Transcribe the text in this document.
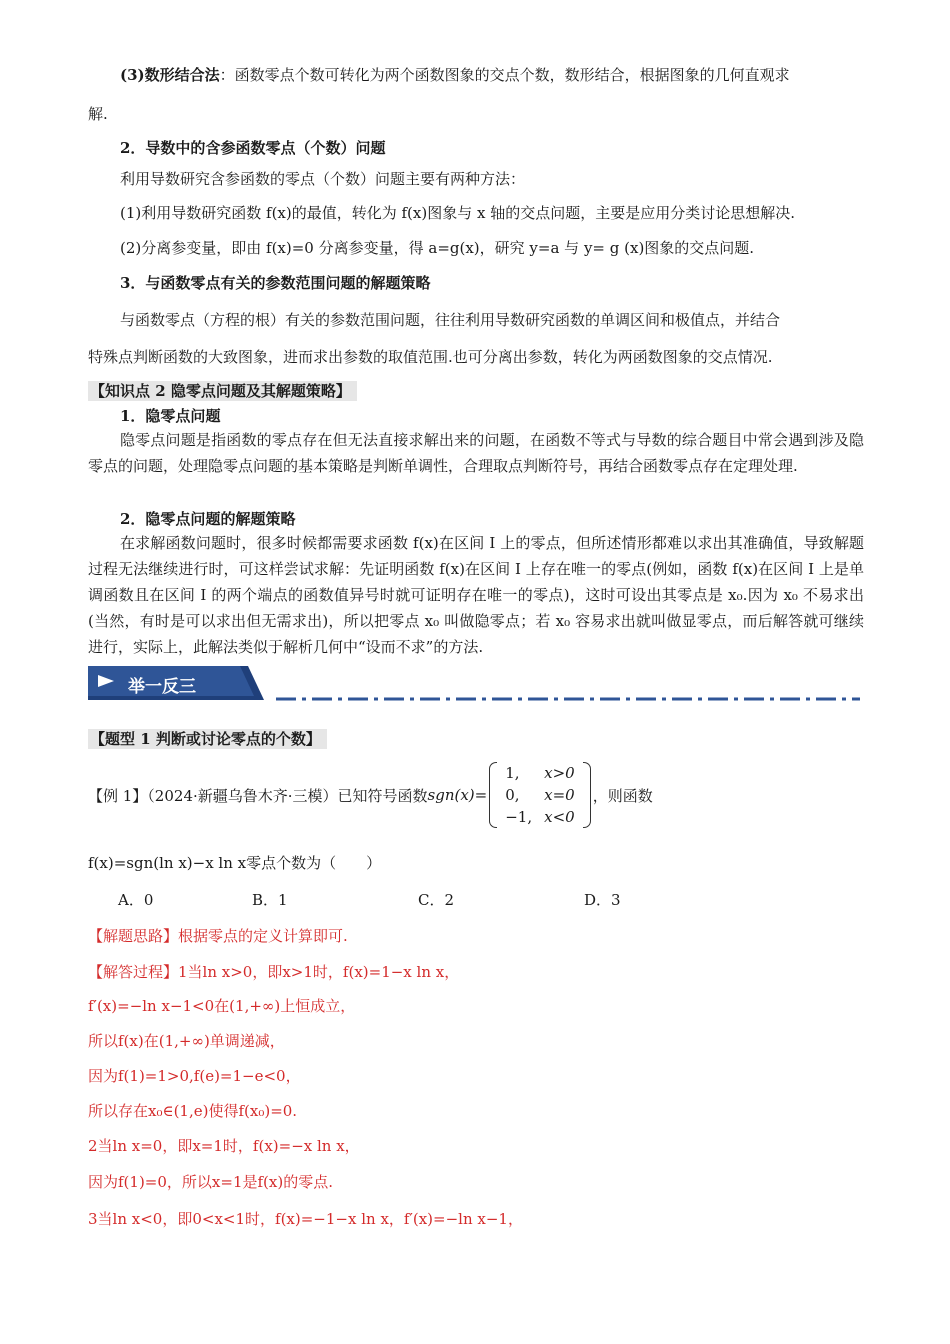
(3)数形结合法：函数零点个数可转化为两个函数图象的交点个数，数形结合，根据图象的几何直观求
解.
2．导数中的含参函数零点（个数）问题
利用导数研究含参函数的零点（个数）问题主要有两种方法：
(1)利用导数研究函数 f(x)的最值，转化为 f(x)图象与 x 轴的交点问题，主要是应用分类讨论思想解决.
(2)分离参变量，即由 f(x)=0 分离参变量，得 a=g(x)，研究 y=a 与 y= g (x)图象的交点问题.
3．与函数零点有关的参数范围问题的解题策略
与函数零点（方程的根）有关的参数范围问题，往往利用导数研究函数的单调区间和极值点，并结合
特殊点判断函数的大致图象，进而求出参数的取值范围.也可分离出参数，转化为两函数图象的交点情况.
【知识点 2 隐零点问题及其解题策略】
1．隐零点问题
隐零点问题是指函数的零点存在但无法直接求解出来的问题，在函数不等式与导数的综合题目中常会遇到涉及隐零点的问题，处理隐零点问题的基本策略是判断单调性，合理取点判断符号，再结合函数零点存在定理处理.
2．隐零点问题的解题策略
在求解函数问题时，很多时候都需要求函数 f(x)在区间 I 上的零点，但所述情形都难以求出其准确值，导致解题过程无法继续进行时，可这样尝试求解：先证明函数 f(x)在区间 I 上存在唯一的零点(例如，函数 f(x)在区间 I 上是单调函数且在区间 I 的两个端点的函数值异号时就可证明存在唯一的零点)，这时可设出其零点是 x₀.因为 x₀ 不易求出(当然，有时是可以求出但无需求出)，所以把零点 x₀ 叫做隐零点；若 x₀ 容易求出就叫做显零点，而后解答就可继续进行，实际上，此解法类似于解析几何中“设而不求”的方法.
举一反三
【题型 1 判断或讨论零点的个数】
【例 1】（2024·新疆乌鲁木齐·三模）已知符号函数 sgn(x)=
1,	x>0
0,	x=0
−1,	x<0
，则函数
f(x)=sgn(ln x)−x ln x零点个数为（　　）
A．0	B．1	C．2	D．3
【解题思路】根据零点的定义计算即可.
【解答过程】1当ln x>0，即x>1时，f(x)=1−x ln x，
f′(x)=−ln x−1<0在(1,+∞)上恒成立，
所以f(x)在(1,+∞)单调递减，
因为f(1)=1>0,f(e)=1−e<0，
所以存在x₀∈(1,e)使得f(x₀)=0.
2当ln x=0，即x=1时，f(x)=−x ln x，
因为f(1)=0，所以x=1是f(x)的零点.
3当ln x<0，即0<x<1时，f(x)=−1−x ln x，f′(x)=−ln x−1，
